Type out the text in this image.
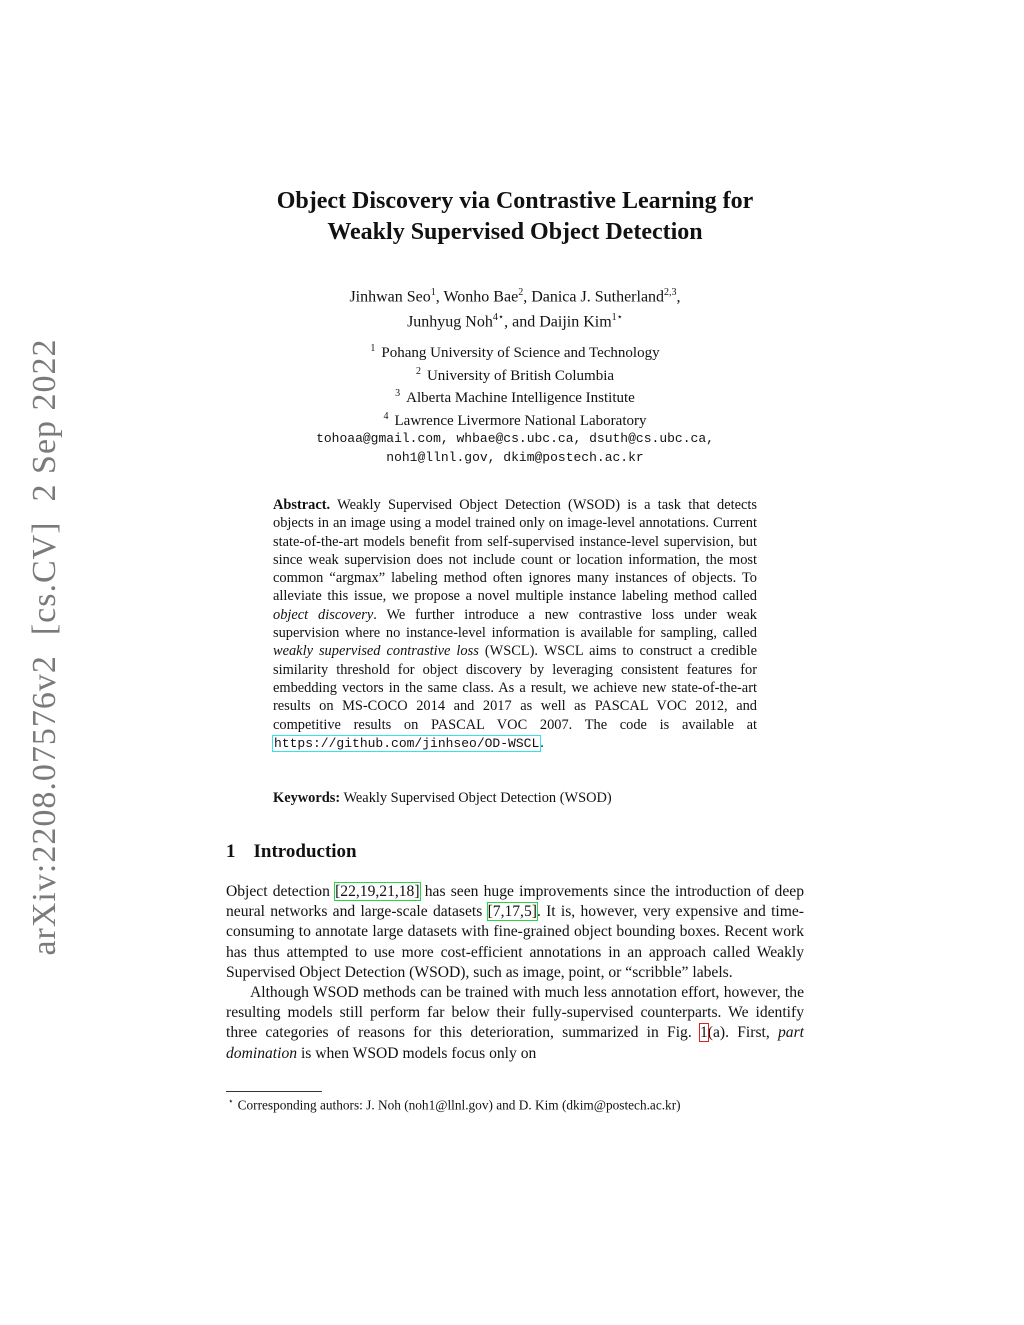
arXiv:2208.07576v2
[cs.CV]
2 Sep 2022
Object Discovery via Contrastive Learning for
Weakly Supervised Object Detection
Jinhwan Seo$^1$, Wonho Bae$^2$, Danica J. Sutherland$^{2,3}$,
Junhyug Noh$^{4⋆}$, and Daijin Kim$^{1⋆}$
$^1$ Pohang University of Science and Technology
$^2$ University of British Columbia
$^3$ Alberta Machine Intelligence Institute
$^4$ Lawrence Livermore National Laboratory
tohoaa@gmail.com, whbae@cs.ubc.ca, dsuth@cs.ubc.ca,
noh1@llnl.gov, dkim@postech.ac.kr
Abstract. Weakly Supervised Object Detection (WSOD) is a task that detects objects in an image using a model trained only on image-level annotations. Current state-of-the-art models benefit from self-supervised instance-level supervision, but since weak supervision does not include count or location information, the most common “argmax” labeling method often ignores many instances of objects. To alleviate this issue, we propose a novel multiple instance labeling method called object discovery. We further introduce a new contrastive loss under weak supervision where no instance-level information is available for sampling, called weakly supervised contrastive loss (WSCL). WSCL aims to construct a credible similarity threshold for object discovery by leveraging consistent features for embedding vectors in the same class. As a result, we achieve new state-of-the-art results on MS-COCO 2014 and 2017 as well as PASCAL VOC 2012, and competitive results on PASCAL VOC 2007. The code is available at https://github.com/jinhseo/OD-WSCL.
Keywords: Weakly Supervised Object Detection (WSOD)
1 Introduction

Object detection [22,19,21,18] has seen huge improvements since the introduction of deep neural networks and large-scale datasets [7,17,5]. It is, however, very expensive and time-consuming to annotate large datasets with fine-grained object bounding boxes. Recent work has thus attempted to use more cost-efficient annotations in an approach called Weakly Supervised Object Detection (WSOD), such as image, point, or “scribble” labels.

Although WSOD methods can be trained with much less annotation effort, however, the resulting models still perform far below their fully-supervised counterparts. We identify three categories of reasons for this deterioration, summarized in Fig. 1(a). First, part domination is when WSOD models focus only on

⋆ Corresponding authors: J. Noh (noh1@llnl.gov) and D. Kim (dkim@postech.ac.kr)
